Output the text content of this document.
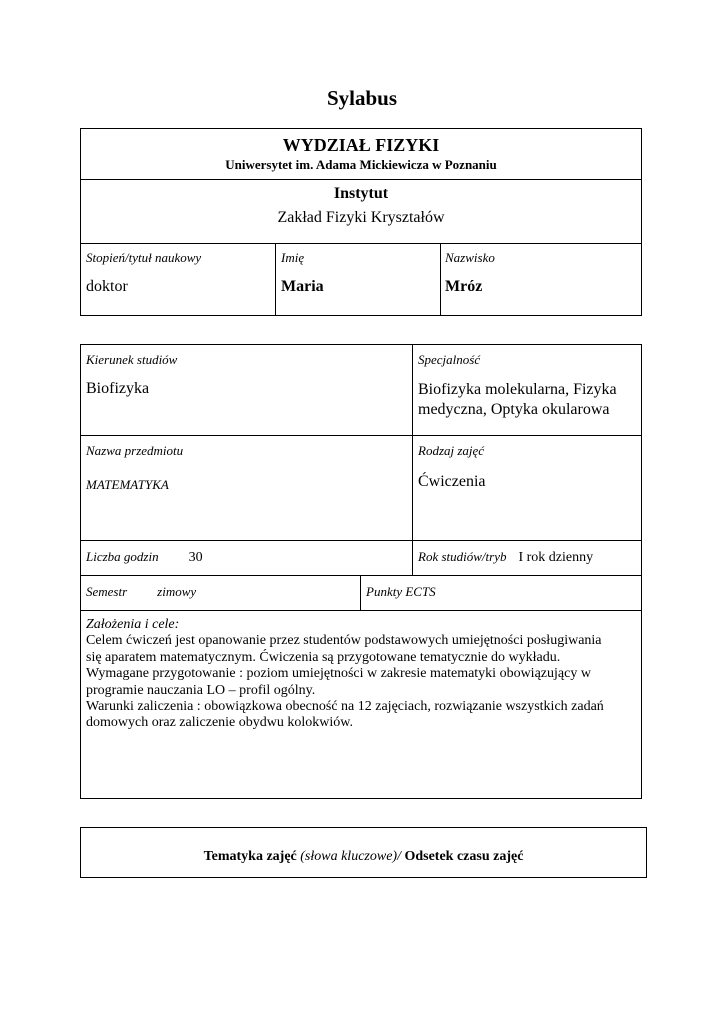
Sylabus
WYDZIAŁ FIZYKI
Uniwersytet im. Adama Mickiewicza w Poznaniu
Instytut
Zakład Fizyki Kryształów
Stopień/tytuł naukowy
doktor
Imię
Maria
Nazwisko
Mróz
Kierunek studiów
Biofizyka
Specjalność
Biofizyka molekularna, Fizyka medyczna, Optyka okularowa
Nazwa przedmiotu
MATEMATYKA
Rodzaj zajęć
Ćwiczenia
Liczba godzin 30	Rok studiów/tryb I rok dzienny
Semestr zimowy	Punkty ECTS
Założenia i cele:
Celem ćwiczeń jest opanowanie przez studentów podstawowych umiejętności posługiwania
się aparatem matematycznym. Ćwiczenia są przygotowane tematycznie do wykładu.
Wymagane przygotowanie : poziom umiejętności w zakresie matematyki obowiązujący w
programie nauczania LO – profil ogólny.
Warunki zaliczenia : obowiązkowa obecność na 12 zajęciach, rozwiązanie wszystkich zadań
domowych oraz zaliczenie obydwu kolokwiów.
Tematyka zajęć (słowa kluczowe)/ Odsetek czasu zajęć
